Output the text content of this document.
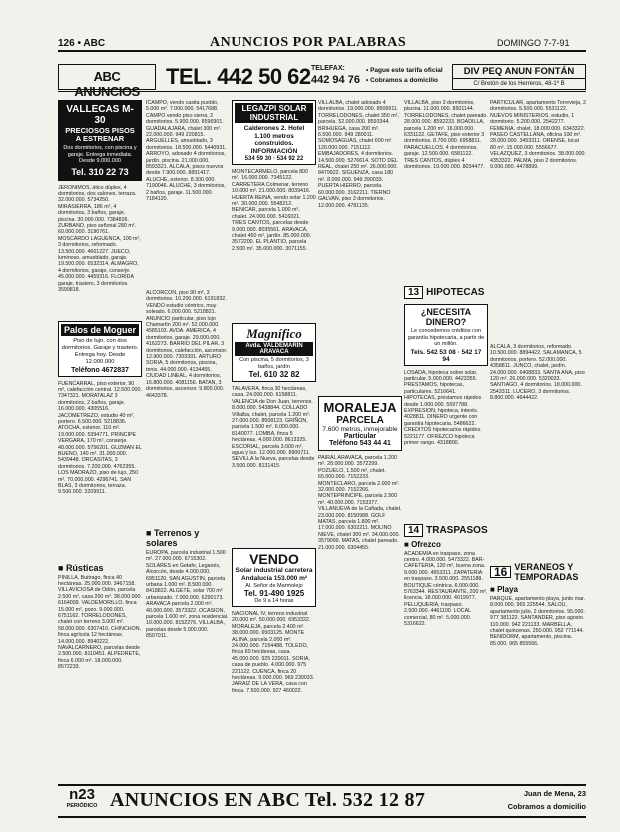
126 • ABC	ANUNCIOS POR PALABRAS	DOMINGO 7-7-91
ABC ANUNCIOS
TEL. 442 50 62 TELEFAX:
442 94 76
• Pague este tarifa oficial
• Cobramos a domicilio
DIV PEQ ANUN FONTÁN
C/ Bretón de los Herreros, 48-1º B
VALLECAS M-30
PRECIOSOS PISOS A ESTRENAR
Dos dormitorios, con piscina y garaje. Entrega inmediata. Desde 9.000.000
Tel. 310 22 73
JERONIMOS, ático dúplex, 4 dormitorios, dos salones, terraza. 32.000.000. 5734250. MIRASIERRA, 186 m², 4 dormitorios, 3 baños, garaje, piscina. 30.000.000. 7384826. ZURBANO, piso señorial 280 m². 60.000.000. 3190761. MOSCARDO LAGUENCA, 100 m², 3 dormitorios, reformado. 13.500.000. 4661227. JUECO, luminoso, amueblado, garaje. 19.500.000. 6532314. ALMAGRO, 4 dormitorios, garaje, conserje. 45.000.000. 4459316. FLORIDA garaje, trastero, 3 dormitorios. 3599818.
Palos de Moguer
Piso de lujo, con dos dormitorios. Garaje y trastero. Entrega hoy. Desde 12.000.000
Teléfono 4672837
FUENCARRAL, piso exterior, 90 m², calefacción central. 12.500.000. 7347321. MORATALAZ 3 dormitorios, 2 baños, garaje. 16.000.000. 4305516. JACOMETREZO, estudio 40 m², portero. 6.500.000. 5218836. ATOCHA, exterior, 110 m². 19.000.000. 5394771. PRINCIPE VERGARA, 170 m², conserje. 48.000.000. 5756201. GUZMAN EL BUENO, 140 m². 31.000.000. 5439448. ORCASITAS, 3 dormitorios. 7.200.000. 4762355. LOS MADRAZO, piso de lujo, 250 m². 70.000.000. 4296741. SAN BLAS, 3 dormitorios, terraza. 9.500.000. 3209911.
■ Rústicas
PINILLA, Buitrago, finca 40 hectáreas. 25.000.000. 3467158. VILLAVICIOSA de Odón, parcela 2.500 m², casa 200 m². 38.000.000. 6164009. VALDEMORILLO, finca 15.000 m², pozo. 9.000.000. 6751162. TORRELODONES, chalet con terreno 3.000 m². 58.000.000. 6307410. CHINCHON, finca agrícola 12 hectáreas. 14.000.000. 8940222. NAVALCARNERO, parcelas desde 2.500.000. 8110451. ALPEDRETE, finca 6.000 m². 18.000.000. 8572233.
ICAMPO, vendo casita pueblo, 5.000 m². 7.000.000. 5417688. CAMPO vendo piso sierra, 2 dormitorios. 5.900.000. 8596901. GUADALAJARA, chalet 300 m². 22.000.000. 949 220815. ARGUELLES, amueblado, 3 dormitorios. 18.500.000. 5440931. ARROYO, adosado 4 dormitorios, jardín, piscina. 21.000.000. 8593321. ALCALA, pisos nuevos desde 7.900.000. 8891417. ALUCHE, exterior. 8.300.000. 7190046. ALUCHE, 3 dormitorios, 2 baños, garaje. 11.500.000. 7184120.
ALCORCON, piso 90 m², 3 dormitorios. 10.200.000. 6191832. VENDO estudio céntrico, muy soleado. 6.000.000. 5218821. ANUNCIO particular, piso lujo Chamartín 200 m². 52.000.000. 4585103. AVDA. AMERICA, 4 dormitorios, garaje. 29.000.000. 4162273. BARRIO DEL PILAR, 3 dormitorios, calefacción, ascensor. 12.900.000. 7303391. ARTURO SORIA, 5 dormitorios, piscina, tenis. 44.000.000. 4134455. CIUDAD LINEAL, 4 dormitorios. 16.800.000. 4081156. BATAN, 3 dormitorios, ascensor. 9.800.000. 4643378.
■ Terrenos y solares
EUROPA, parcela industrial 1.500 m². 27.000.000. 6715302. SOLARES en Getafe, Leganés, Alcorcón, desde 4.000.000. 6951120. SAN AGUSTIN, parcela urbana 1.000 m². 8.500.000. 8418822. ALGETE, solar 700 m² urbanizado. 7.000.000. 6290173. ARAVACA parcela 2.000 m². 40.000.000. 3573322. OCASION, parcela 1.600 m², zona residencial. 10.000.000. 8152276. VILLALBA, parcelas desde 5.000.000. 8507011.
LEGAZPI SOLAR INDUSTRIAL
Calderones 2. Hotel 1.100 metros construidos. INFORMACIÓN
534 59 30 · 534 92 22
MONTECARMELO, parcela 800 m². 16.000.000. 7345122. CARRETERA Colmenar, terreno 10.000 m². 21.000.000. 8039416. HUERTA REINA, vendo solar 1.200 m². 30.000.000. 5548212. BENICAR, parcela 1.000 m², chalet. 24.000.000. 5416021. TRES CANTOS, parcelas desde 9.000.000. 8035561. ARAVACA, chalet 450 m², jardín. 85.000.000. 3572200. EL PLANTIO, parcela 2.500 m². 35.000.000. 3071155.
Magnífico
Avda. VALDEMARÍN ARAVACA
Con piscina, 5 dormitorios, 3 baños, jardín
Tel. 610 32 82
TALAVERA, finca 30 hectáreas, casa. 24.000.000. 6158811. VALENCIA de Don Juan, terrenos. 8.000.000. 5438844. COLLADO Villalba, chalet, parcela 1.200 m². 27.000.000. 8508123. GRIÑON, parcela 1.500 m². 6.000.000. 8140077. LOMBA, finca 5 hectáreas. 4.000.000. 8613325. ESCORIAL, parcela 3.000 m², agua y luz. 12.000.000. 8900711. SEVILLA la Nueva, parcelas desde 3.500.000. 8131415.
VENDO
Solar industrial carretera Andalucía 153.000 m²
Al. Señor de Marmolejo
Tel. 91-490 1925
De 9 a 14 horas
NACIONAL IV, terreno industrial 20.000 m². 50.000.000. 6953322. MORALEJA, parcela 2.400 m². 38.000.000. 6503125. MONTE ALINA, parcela 2.000 m². 24.000.000. 7154488. TOLEDO, finca 60 hectáreas, casa. 45.000.000. 925 220011. SORIA, casa de pueblo. 4.000.000. 975 221122. CUENCA, finca 20 hectáreas. 9.000.000. 969 230033. JARAIZ DE LA VERA, casa con finca. 7.500.000. 927 460022.
VILLALBA, chalet adosado 4 dormitorios. 19.000.000. 8509911. TORRELODONES, chalet 350 m², parcela. 52.000.000. 8593344. BRIHUEGA, casa 200 m². 6.500.000. 949 280011. SOMOSAGUAS, chalet 600 m². 120.000.000. 7151112. EMBAJADORES, 4 dormitorios. 14.500.000. 5276614. SOTO DEL REAL, chalet 250 m². 26.000.000. 8479922. SIGUENZA, casa 180 m². 8.000.000. 949 390033. PUERTA HIERRO, parcela. 60.000.000. 3162211. TIERNO GALVAN, piso 3 dormitorios. 12.000.000. 4781135.
MORALEJA
PARCELA
7.600 metros, inmejorable
Particular
Teléfono 543 44 41
PAIRAL ARAVACA, parcela 1.200 m². 28.000.000. 3572299. POZUELO, 1.500 m², chalet. 65.000.000. 7152233. MONTECLARO, parcela 2.000 m². 32.000.000. 7152266. MONTEPRINCIPE, parcela 2.500 m². 40.000.000. 7153377. VILLANUEVA de la Cañada, chalet. 23.000.000. 8150988. GOLF MATAS, parcela 1.800 m². 17.000.000. 6302211. MOLINO NIEVE, chalet 300 m². 34.000.000. 3579099. MATAS, chalet pareado. 21.000.000. 6304455.
VILLALBA, piso 3 dormitorios, piscina. 11.000.000. 8501144. TORRELODONES, chalet pareado. 28.000.000. 8592233. BOADILLA, parcela 1.200 m². 16.000.000. 6331122. GETAFE, piso exterior 3 dormitorios. 8.700.000. 6958811. PARACUELLOS, 4 dormitorios, garaje. 12.500.000. 6581122. TRES CANTOS, dúplex 4 dormitorios. 19.000.000. 8034477.
13 HIPOTECAS
¿NECESITA DINERO?
Le concedemos créditos con garantía hipotecaria, a partir de un millón.
Tels. 542 53 08 · 542 17 94
LOSADA, hipoteca sobre solar, particular. 5.000.000. 4423355. PRESTAMOS, hipotecas, particulares. 5216641. HIPOTECAS, préstamos rápidos desde 1.000.000. 5597788. EXPRESION, hipoteca, interés. 4028811. DINERO urgente con garantía hipotecaria. 5486622. CREDITOS hipotecarios rápidos. 5221177. OFREZCO hipoteca primer rango. 4318800.
14 TRASPASOS
■ Ofrezco
ACADEMIA en traspaso, zona centro. 4.000.000. 5473322. BAR-CAFETERIA, 120 m², buena zona. 9.000.000. 4653311. ZAPATERIA en traspaso. 3.500.000. 2551188. BOUTIQUE céntrica. 6.000.000. 5763344. RESTAURANTE, 200 m², licencia. 18.000.000. 4019977. PELUQUERIA, traspaso. 2.500.000. 4461100. LOCAL comercial, 80 m². 5.000.000. 5316622.
PARTICULAR, apartamento Torrevieja, 2 dormitorios. 5.500.000. 5531122. NUEVOS MINISTERIOS, estudio, 1 dormitorio. 5.200.000. 2542277. FEMENIA, chalet. 18.000.000. 6343322. PASEO CASTELLANA, oficina 100 m². 28.000.000. 3453311. ORENSE, local 80 m². 15.000.000. 5556677. VELAZQUEZ, 3 dormitorios. 38.000.000. 4353322. PALMA, piso 2 dormitorios. 9.000.000. 4478899.
ALCALA, 3 dormitorios, reformado. 10.500.000. 8894422. SALAMANCA, 5 dormitorios, portero. 52.000.000. 4358811. JUNCO, chalet, jardín. 24.000.000. 6408833. SANTA ANA, piso 120 m². 26.000.000. 5320033. SANTIAGO, 4 dormitorios. 18.000.000. 2543311. LUCERO, 3 dormitorios. 8.800.000. 4644422.
16 VERANEOS Y TEMPORADAS
■ Playa
PARQUE, apartamento playa, junto mar. 8.000.000. 965 225544. SALOU, apartamento julio, 2 dormitorios. 95.000. 977 381122. SANTANDER, piso agosto. 110.000. 942 221133. MARBELLA, chalet quincenas. 250.000. 952 771144. BENIDORM, apartamento, piscina. 85.000. 965 855566.
n23
PERIÓDICO ANUNCIOS EN ABC Tel. 532 12 87	Juan de Mena, 23
Cobramos a domicilio
